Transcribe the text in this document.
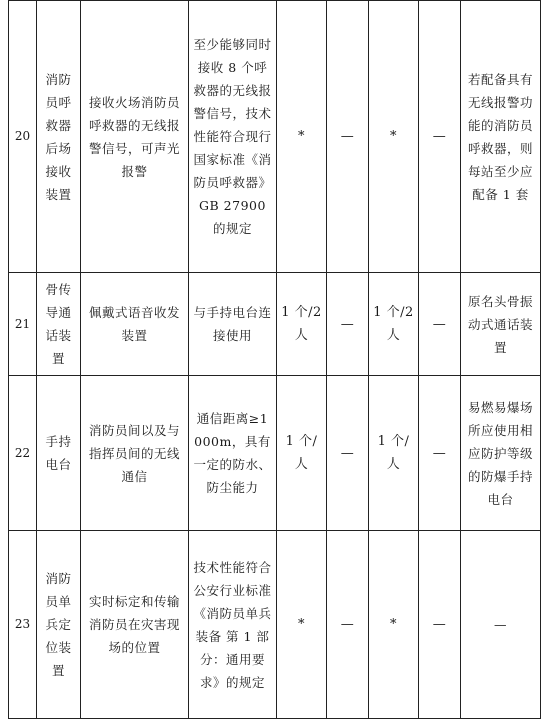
20	消防员呼救器后场接收装置	接收火场消防员呼救器的无线报警信号，可声光报警	至少能够同时接收 8 个呼救器的无线报警信号，技术性能符合现行国家标准《消防员呼救器》GB 27900 的规定	*	—	*	—	若配备具有无线报警功能的消防员呼救器，则每站至少应配备 1 套
21	骨传导通话装置	佩戴式语音收发装置	与手持电台连接使用	1 个/2 人	—	1 个/2 人	—	原名头骨振动式通话装置
22	手持电台	消防员间以及与指挥员间的无线通信	通信距离≥1000m，具有一定的防水、防尘能力	1 个/人	—	1 个/人	—	易燃易爆场所应使用相应防护等级的防爆手持电台
23	消防员单兵定位装置	实时标定和传输消防员在灾害现场的位置	技术性能符合公安行业标准《消防员单兵装备 第 1 部分：通用要求》的规定	*	—	*	—	—
